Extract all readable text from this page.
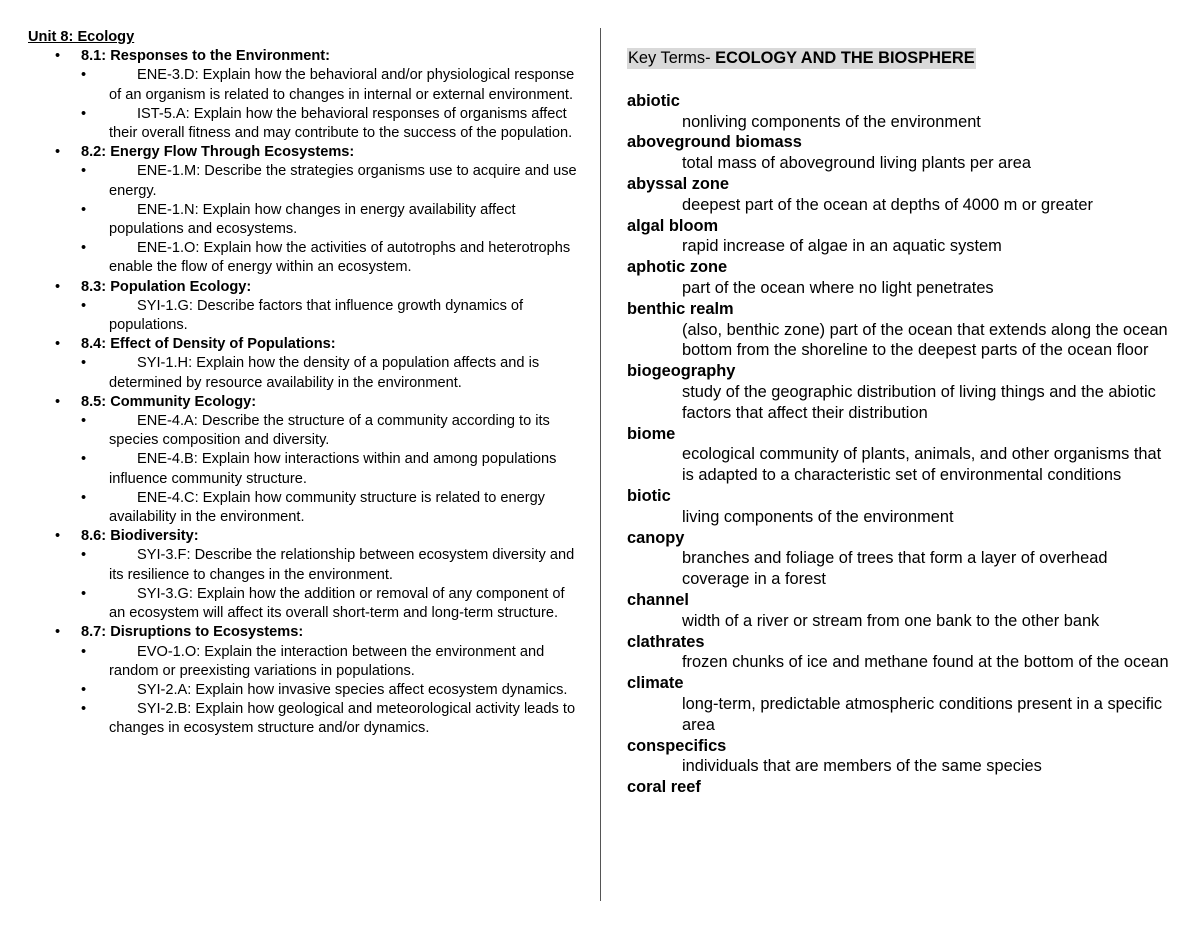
Unit 8: Ecology
• 8.1: Responses to the Environment:
•	ENE-3.D: Explain how the behavioral and/or physiological response of an organism is related to changes in internal or external environment.
•	IST-5.A: Explain how the behavioral responses of organisms affect their overall fitness and may contribute to the success of the population.
• 8.2: Energy Flow Through Ecosystems:
•	ENE-1.M: Describe the strategies organisms use to acquire and use energy.
•	ENE-1.N: Explain how changes in energy availability affect populations and ecosystems.
•	ENE-1.O: Explain how the activities of autotrophs and heterotrophs enable the flow of energy within an ecosystem.
• 8.3: Population Ecology:
•	SYI-1.G: Describe factors that influence growth dynamics of populations.
• 8.4: Effect of Density of Populations:
•	SYI-1.H: Explain how the density of a population affects and is determined by resource availability in the environment.
• 8.5: Community Ecology:
•	ENE-4.A: Describe the structure of a community according to its species composition and diversity.
•	ENE-4.B: Explain how interactions within and among populations influence community structure.
•	ENE-4.C: Explain how community structure is related to energy availability in the environment.
• 8.6: Biodiversity:
•	SYI-3.F: Describe the relationship between ecosystem diversity and its resilience to changes in the environment.
•	SYI-3.G: Explain how the addition or removal of any component of an ecosystem will affect its overall short-term and long-term structure.
• 8.7: Disruptions to Ecosystems:
•	EVO-1.O: Explain the interaction between the environment and random or preexisting variations in populations.
•	SYI-2.A: Explain how invasive species affect ecosystem dynamics.
•	SYI-2.B: Explain how geological and meteorological activity leads to changes in ecosystem structure and/or dynamics.
Key Terms- ECOLOGY AND THE BIOSPHERE
abiotic
nonliving components of the environment
aboveground biomass
total mass of aboveground living plants per area
abyssal zone
deepest part of the ocean at depths of 4000 m or greater
algal bloom
rapid increase of algae in an aquatic system
aphotic zone
part of the ocean where no light penetrates
benthic realm
(also, benthic zone) part of the ocean that extends along the ocean bottom from the shoreline to the deepest parts of the ocean floor
biogeography
study of the geographic distribution of living things and the abiotic factors that affect their distribution
biome
ecological community of plants, animals, and other organisms that is adapted to a characteristic set of environmental conditions
biotic
living components of the environment
canopy
branches and foliage of trees that form a layer of overhead coverage in a forest
channel
width of a river or stream from one bank to the other bank
clathrates
frozen chunks of ice and methane found at the bottom of the ocean
climate
long-term, predictable atmospheric conditions present in a specific area
conspecifics
individuals that are members of the same species
coral reef
